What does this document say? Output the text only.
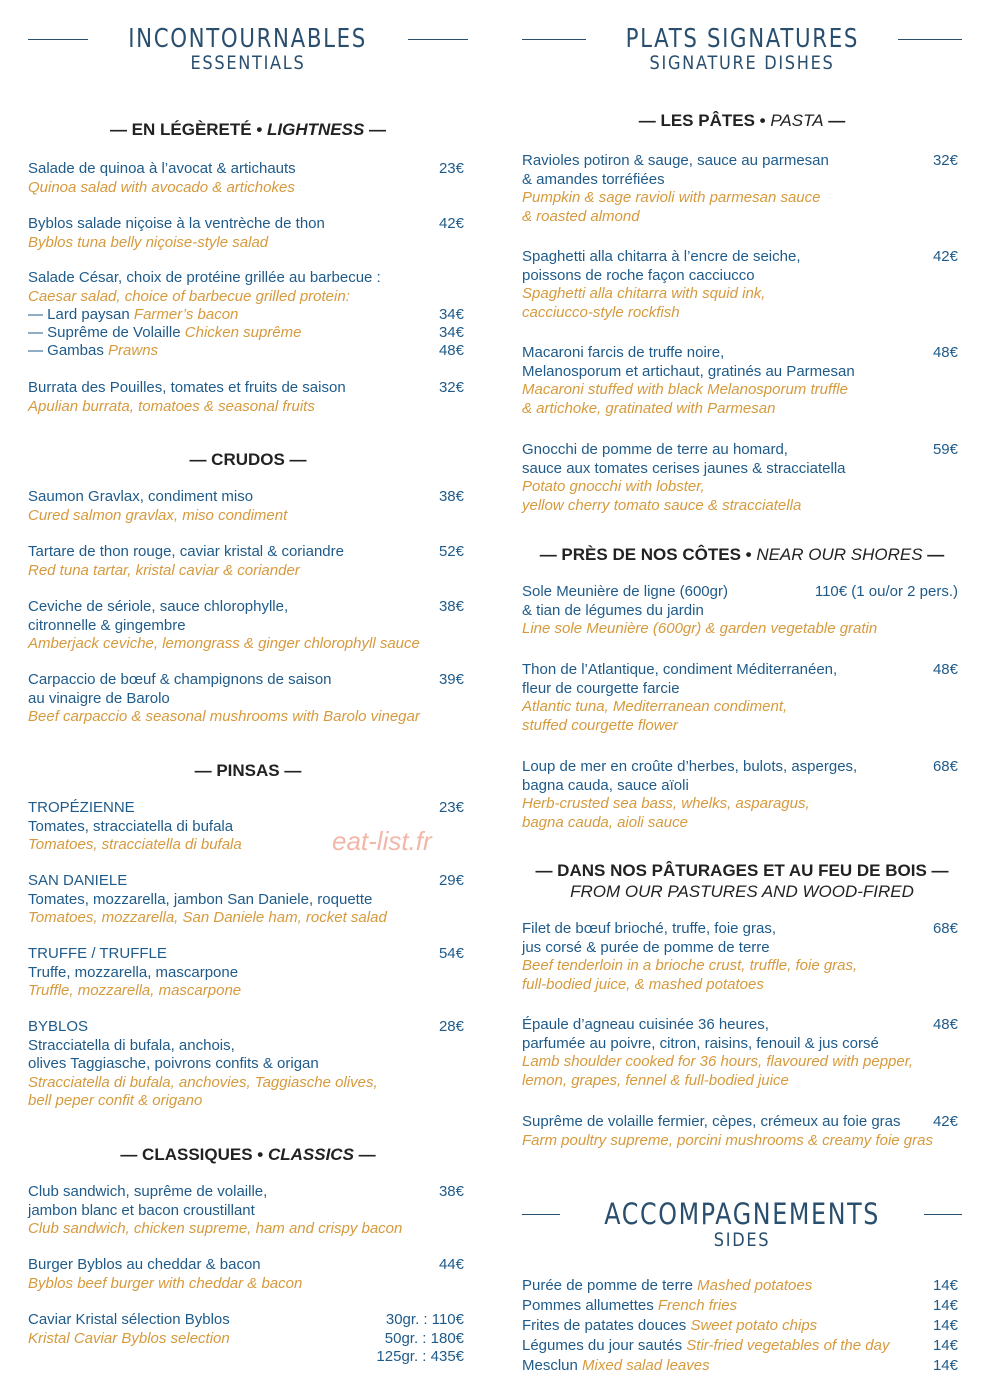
INCONTOURNABLES
ESSENTIALS
— EN LÉGÈRETÉ • LIGHTNESS —
Salade de quinoa à l’avocat & artichauts
Quinoa salad with avocado & artichokes
23€
Byblos salade niçoise à la ventrèche de thon
Byblos tuna belly niçoise-style salad
42€
Salade César, choix de protéine grillée au barbecue :
Caesar salad, choice of barbecue grilled protein:
— Lard paysan Farmer’s bacon	34€
— Suprême de Volaille Chicken suprême	34€
— Gambas Prawns	48€
Burrata des Pouilles, tomates et fruits de saison
Apulian burrata, tomatoes & seasonal fruits
32€
— CRUDOS —
Saumon Gravlax, condiment miso
Cured salmon gravlax, miso condiment
38€
Tartare de thon rouge, caviar kristal & coriandre
Red tuna tartar, kristal caviar & coriander
52€
Ceviche de sériole, sauce chlorophylle,
citronnelle & gingembre
Amberjack ceviche, lemongrass & ginger chlorophyll sauce
38€
Carpaccio de bœuf & champignons de saison
au vinaigre de Barolo
Beef carpaccio & seasonal mushrooms with Barolo vinegar
39€
— PINSAS —
TROPÉZIENNE
Tomates, stracciatella di bufala
Tomatoes, stracciatella di bufala
23€
SAN DANIELE
Tomates, mozzarella, jambon San Daniele, roquette
Tomatoes, mozzarella, San Daniele ham, rocket salad
29€
TRUFFE / TRUFFLE
Truffe, mozzarella, mascarpone
Truffle, mozzarella, mascarpone
54€
BYBLOS
Stracciatella di bufala, anchois,
olives Taggiasche, poivrons confits & origan
Stracciatella di bufala, anchovies, Taggiasche olives,
bell peper confit & origano
28€
— CLASSIQUES • CLASSICS —
Club sandwich, suprême de volaille,
jambon blanc et bacon croustillant
Club sandwich, chicken supreme, ham and crispy bacon
38€
Burger Byblos au cheddar & bacon
Byblos beef burger with cheddar & bacon
44€
Caviar Kristal sélection Byblos
Kristal Caviar Byblos selection
30gr. : 110€
50gr. : 180€
125gr. : 435€
eat-list.fr
PLATS SIGNATURES
SIGNATURE DISHES
— LES PÂTES • PASTA —
Ravioles potiron & sauge, sauce au parmesan
& amandes torréfiées
Pumpkin & sage ravioli with parmesan sauce
& roasted almond
32€
Spaghetti alla chitarra à l’encre de seiche,
poissons de roche façon cacciucco
Spaghetti alla chitarra with squid ink,
cacciucco-style rockfish
42€
Macaroni farcis de truffe noire,
Melanosporum et artichaut, gratinés au Parmesan
Macaroni stuffed with black Melanosporum truffle
& artichoke, gratinated with Parmesan
48€
Gnocchi de pomme de terre au homard,
sauce aux tomates cerises jaunes & stracciatella
Potato gnocchi with lobster,
yellow cherry tomato sauce & stracciatella
59€
— PRÈS DE NOS CÔTES • NEAR OUR SHORES —
Sole Meunière de ligne (600gr)
& tian de légumes du jardin
Line sole Meunière (600gr) & garden vegetable gratin
110€ (1 ou/or 2 pers.)
Thon de l’Atlantique, condiment Méditerranéen,
fleur de courgette farcie
Atlantic tuna, Mediterranean condiment,
stuffed courgette flower
48€
Loup de mer en croûte d’herbes, bulots, asperges,
bagna cauda, sauce aïoli
Herb-crusted sea bass, whelks, asparagus,
bagna cauda, aioli sauce
68€
— DANS NOS PÂTURAGES ET AU FEU DE BOIS —
FROM OUR PASTURES AND WOOD-FIRED
Filet de bœuf brioché, truffe, foie gras,
jus corsé & purée de pomme de terre
Beef tenderloin in a brioche crust, truffle, foie gras,
full-bodied juice, & mashed potatoes
68€
Épaule d’agneau cuisinée 36 heures,
parfumée au poivre, citron, raisins, fenouil & jus corsé
Lamb shoulder cooked for 36 hours, flavoured with pepper,
lemon, grapes, fennel & full-bodied juice
48€
Suprême de volaille fermier, cèpes, crémeux au foie gras
Farm poultry supreme, porcini mushrooms & creamy foie gras
42€
ACCOMPAGNEMENTS
SIDES
Purée de pomme de terre Mashed potatoes	14€
Pommes allumettes French fries	14€
Frites de patates douces Sweet potato chips	14€
Légumes du jour sautés Stir-fried vegetables of the day	14€
Mesclun Mixed salad leaves	14€
